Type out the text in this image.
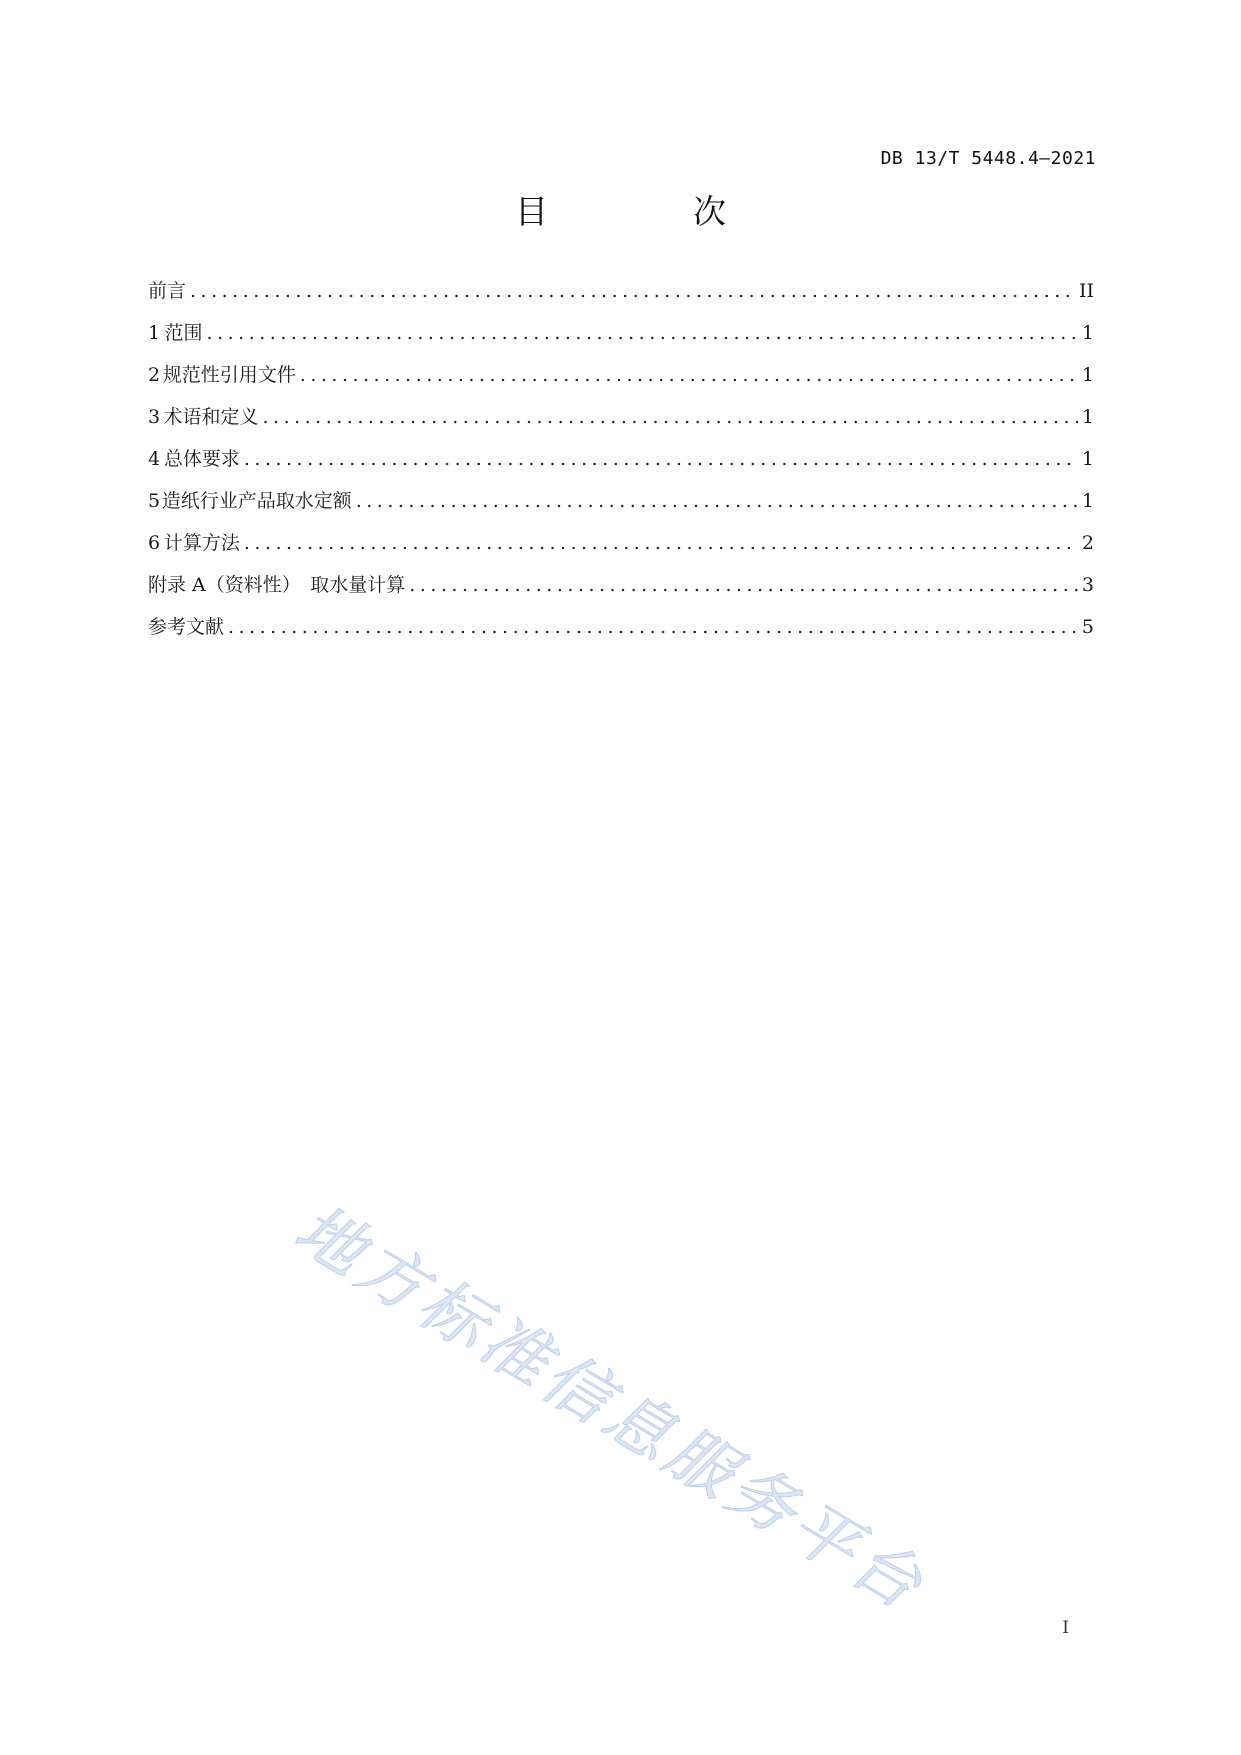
DB 13/T 5448.4—2021
目　次
前言 .....	II
1 范围 .....	1
2 规范性引用文件 .....	1
3 术语和定义 .....	1
4 总体要求 .....	1
5 造纸行业产品取水定额 .....	1
6 计算方法 .....	2
附录 A（资料性）　取水量计算 .....	3
参考文献 .....	5
地方标准信息服务平台
I
